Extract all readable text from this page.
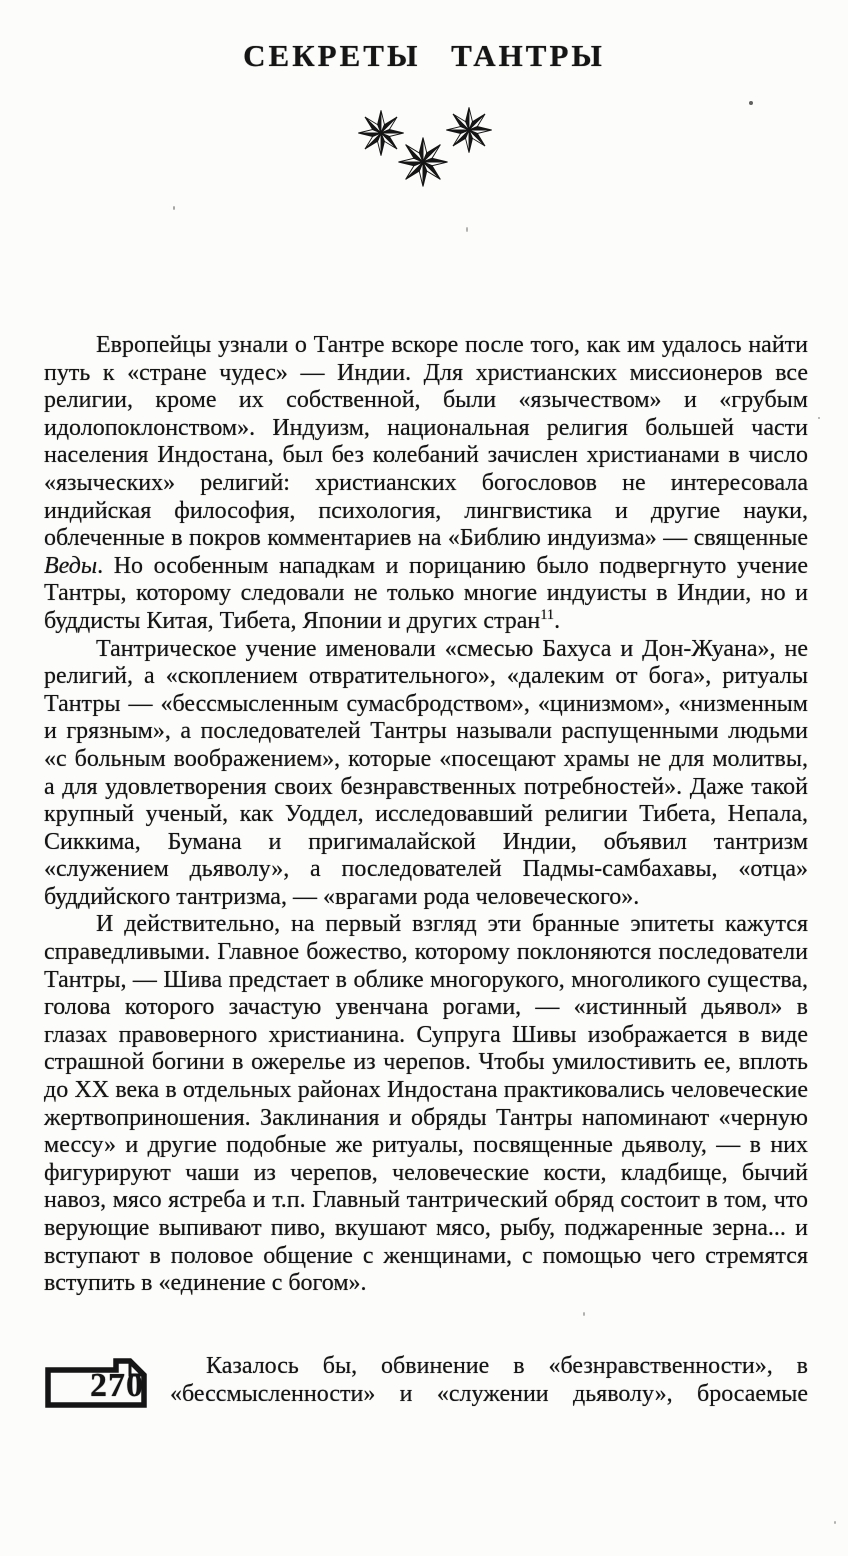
СЕКРЕТЫ ТАНТРЫ

Европейцы узнали о Тантре вскоре после того, как им удалось найти путь к «стране чудес» — Индии. Для христианских миссионеров все религии, кроме их собственной, были «язычеством» и «грубым идолопоклонством». Индуизм, национальная религия большей части населения Индостана, был без колебаний зачислен христианами в число «языческих» религий: христианских богословов не интересовала индийская философия, психология, лингвистика и другие науки, облеченные в покров комментариев на «Библию индуизма» — священные Веды. Но особенным нападкам и порицанию было подвергнуто учение Тантры, которому следовали не только многие индуисты в Индии, но и буддисты Китая, Тибета, Японии и других стран$^{11}$.

Тантрическое учение именовали «смесью Бахуса и Дон-Жуана», не религий, а «скоплением отвратительного», «далеким от бога», ритуалы Тантры — «бессмысленным сумасбродством», «цинизмом», «низменным и грязным», а последователей Тантры называли распущенными людьми «с больным воображением», которые «посещают храмы не для молитвы, а для удовлетворения своих безнравственных потребностей». Даже такой крупный ученый, как Уоддел, исследовавший религии Тибета, Непала, Сиккима, Бумана и пригималайской Индии, объявил тантризм «служением дьяволу», а последователей Падмы-самбахавы, «отца» буддийского тантризма, — «врагами рода человеческого».

И действительно, на первый взгляд эти бранные эпитеты кажутся справедливыми. Главное божество, которому поклоняются последователи Тантры, — Шива предстает в облике многорукого, многоликого существа, голова которого зачастую увенчана рогами, — «истинный дьявол» в глазах правоверного христианина. Супруга Шивы изображается в виде страшной богини в ожерелье из черепов. Чтобы умилостивить ее, вплоть до XX века в отдельных районах Индостана практиковались человеческие жертвоприношения. Заклинания и обряды Тантры напоминают «черную мессу» и другие подобные же ритуалы, посвященные дьяволу, — в них фигурируют чаши из черепов, человеческие кости, кладбище, бычий навоз, мясо ястреба и т.п. Главный тантрический обряд состоит в том, что верующие выпивают пиво, вкушают мясо, рыбу, поджаренные зерна... и вступают в половое общение с женщинами, с помощью чего стремятся вступить в «единение с богом».

270
Казалось бы, обвинение в «безнравственности», в «бессмысленности» и «служении дьяволу», бросаемые
